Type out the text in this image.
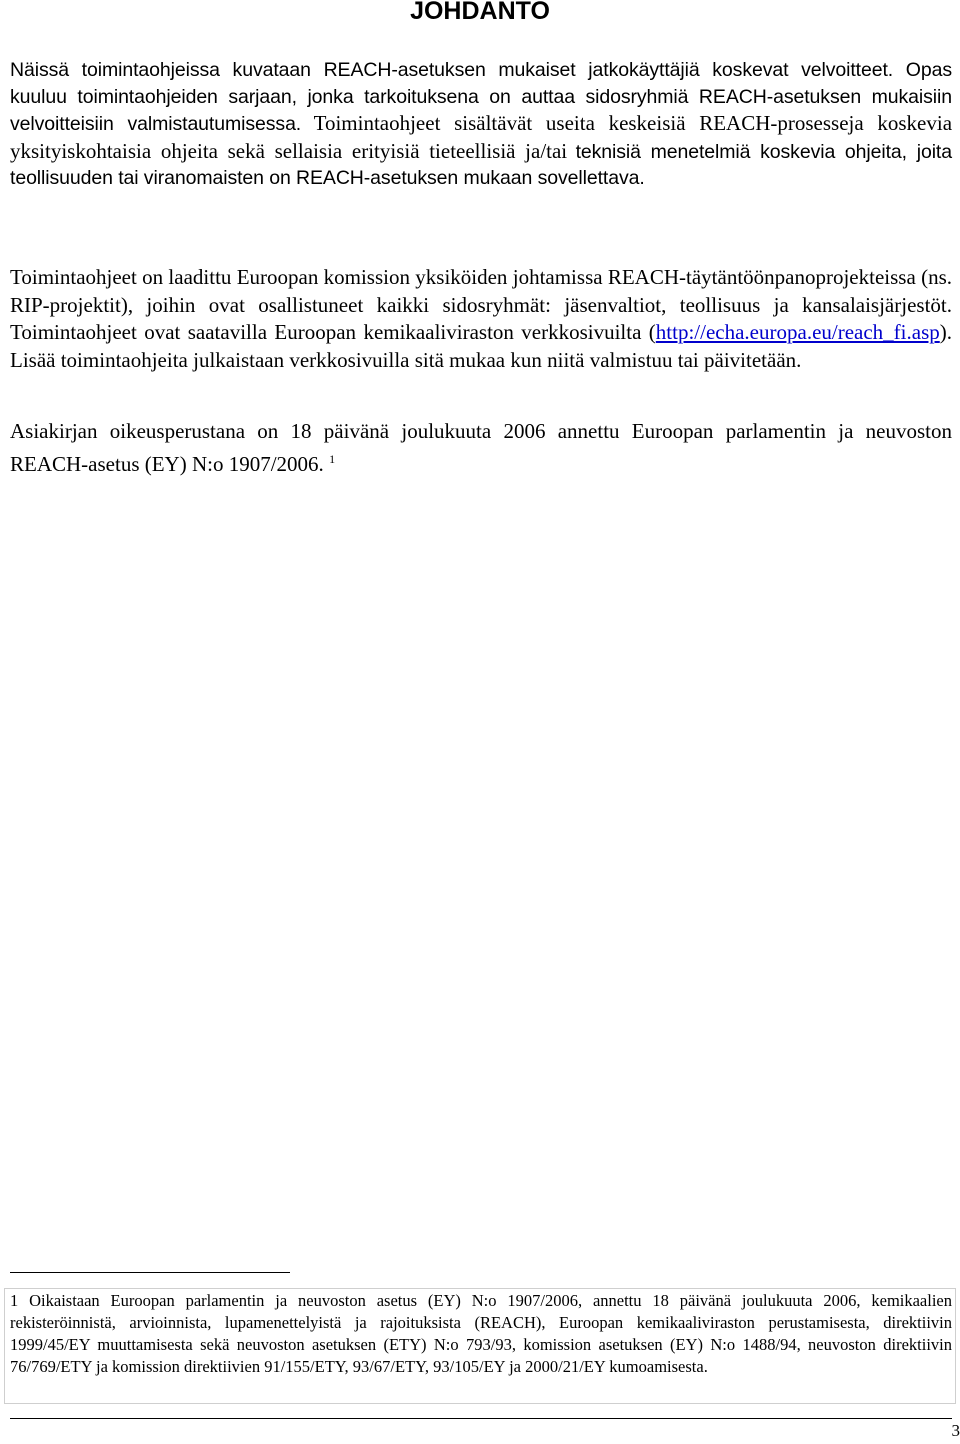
JOHDANTO

Näissä toimintaohjeissa kuvataan REACH-asetuksen mukaiset jatkokäyttäjiä koskevat velvoitteet. Opas kuuluu toimintaohjeiden sarjaan, jonka tarkoituksena on auttaa sidosryhmiä REACH-asetuksen mukaisiin velvoitteisiin valmistautumisessa. Toimintaohjeet sisältävät useita keskeisiä REACH-prosesseja koskevia yksityiskohtaisia ohjeita sekä sellaisia erityisiä tieteellisiä ja/tai teknisiä menetelmiä koskevia ohjeita, joita teollisuuden tai viranomaisten on REACH-asetuksen mukaan sovellettava.

Toimintaohjeet on laadittu Euroopan komission yksiköiden johtamissa REACH-täytäntöönpanoprojekteissa (ns. RIP-projektit), joihin ovat osallistuneet kaikki sidosryhmät: jäsenvaltiot, teollisuus ja kansalaisjärjestöt. Toimintaohjeet ovat saatavilla Euroopan kemikaaliviraston verkkosivuilta (http://echa.europa.eu/reach_fi.asp). Lisää toimintaohjeita julkaistaan verkkosivuilla sitä mukaa kun niitä valmistuu tai päivitetään.

Asiakirjan oikeusperustana on 18 päivänä joulukuuta 2006 annettu Euroopan parlamentin ja neuvoston REACH-asetus (EY) N:o 1907/2006. $^1$

1 Oikaistaan Euroopan parlamentin ja neuvoston asetus (EY) N:o 1907/2006, annettu 18 päivänä joulukuuta 2006, kemikaalien rekisteröinnistä, arvioinnista, lupamenettelyistä ja rajoituksista (REACH), Euroopan kemikaaliviraston perustamisesta, direktiivin 1999/45/EY muuttamisesta sekä neuvoston asetuksen (ETY) N:o 793/93, komission asetuksen (EY) N:o 1488/94, neuvoston direktiivin 76/769/ETY ja komission direktiivien 91/155/ETY, 93/67/ETY, 93/105/EY ja 2000/21/EY kumoamisesta.

3
